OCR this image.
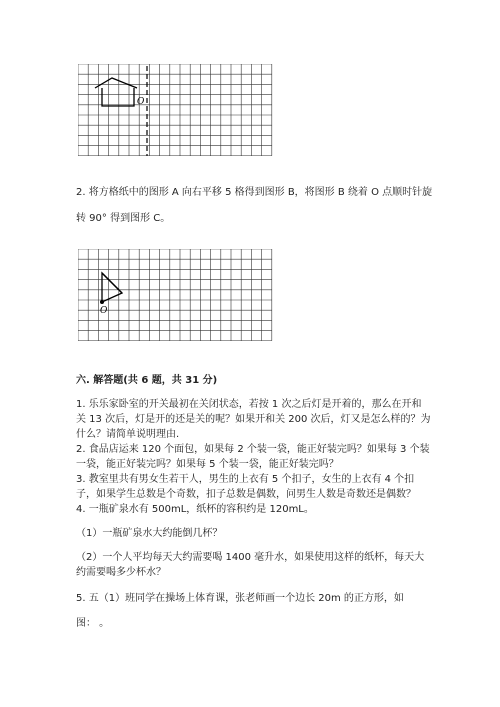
O
2. 将方格纸中的图形 A 向右平移 5 格得到图形 B，将图形 B 绕着 O 点顺时针旋
转 90° 得到图形 C。
O
六. 解答题(共 6 题，共 31 分)
1. 乐乐家卧室的开关最初在关闭状态，若按 1 次之后灯是开着的，那么在开和
关 13 次后，灯是开的还是关的呢？如果开和关 200 次后，灯又是怎么样的？为
什么？请简单说明理由.
2. 食品店运来 120 个面包，如果每 2 个装一袋，能正好装完吗？如果每 3 个装
一袋，能正好装完吗？如果每 5 个装一袋，能正好装完吗？
3. 教室里共有男女生若干人，男生的上衣有 5 个扣子，女生的上衣有 4 个扣
子，如果学生总数是个奇数，扣子总数是偶数，问男生人数是奇数还是偶数？
4. 一瓶矿泉水有 500mL，纸杯的容积约是 120mL。
（1）一瓶矿泉水大约能倒几杯？
（2）一个人平均每天大约需要喝 1400 毫升水，如果使用这样的纸杯，每天大
约需要喝多少杯水？
5. 五（1）班同学在操场上体育课，张老师画一个边长 20m 的正方形，如
图： 。
